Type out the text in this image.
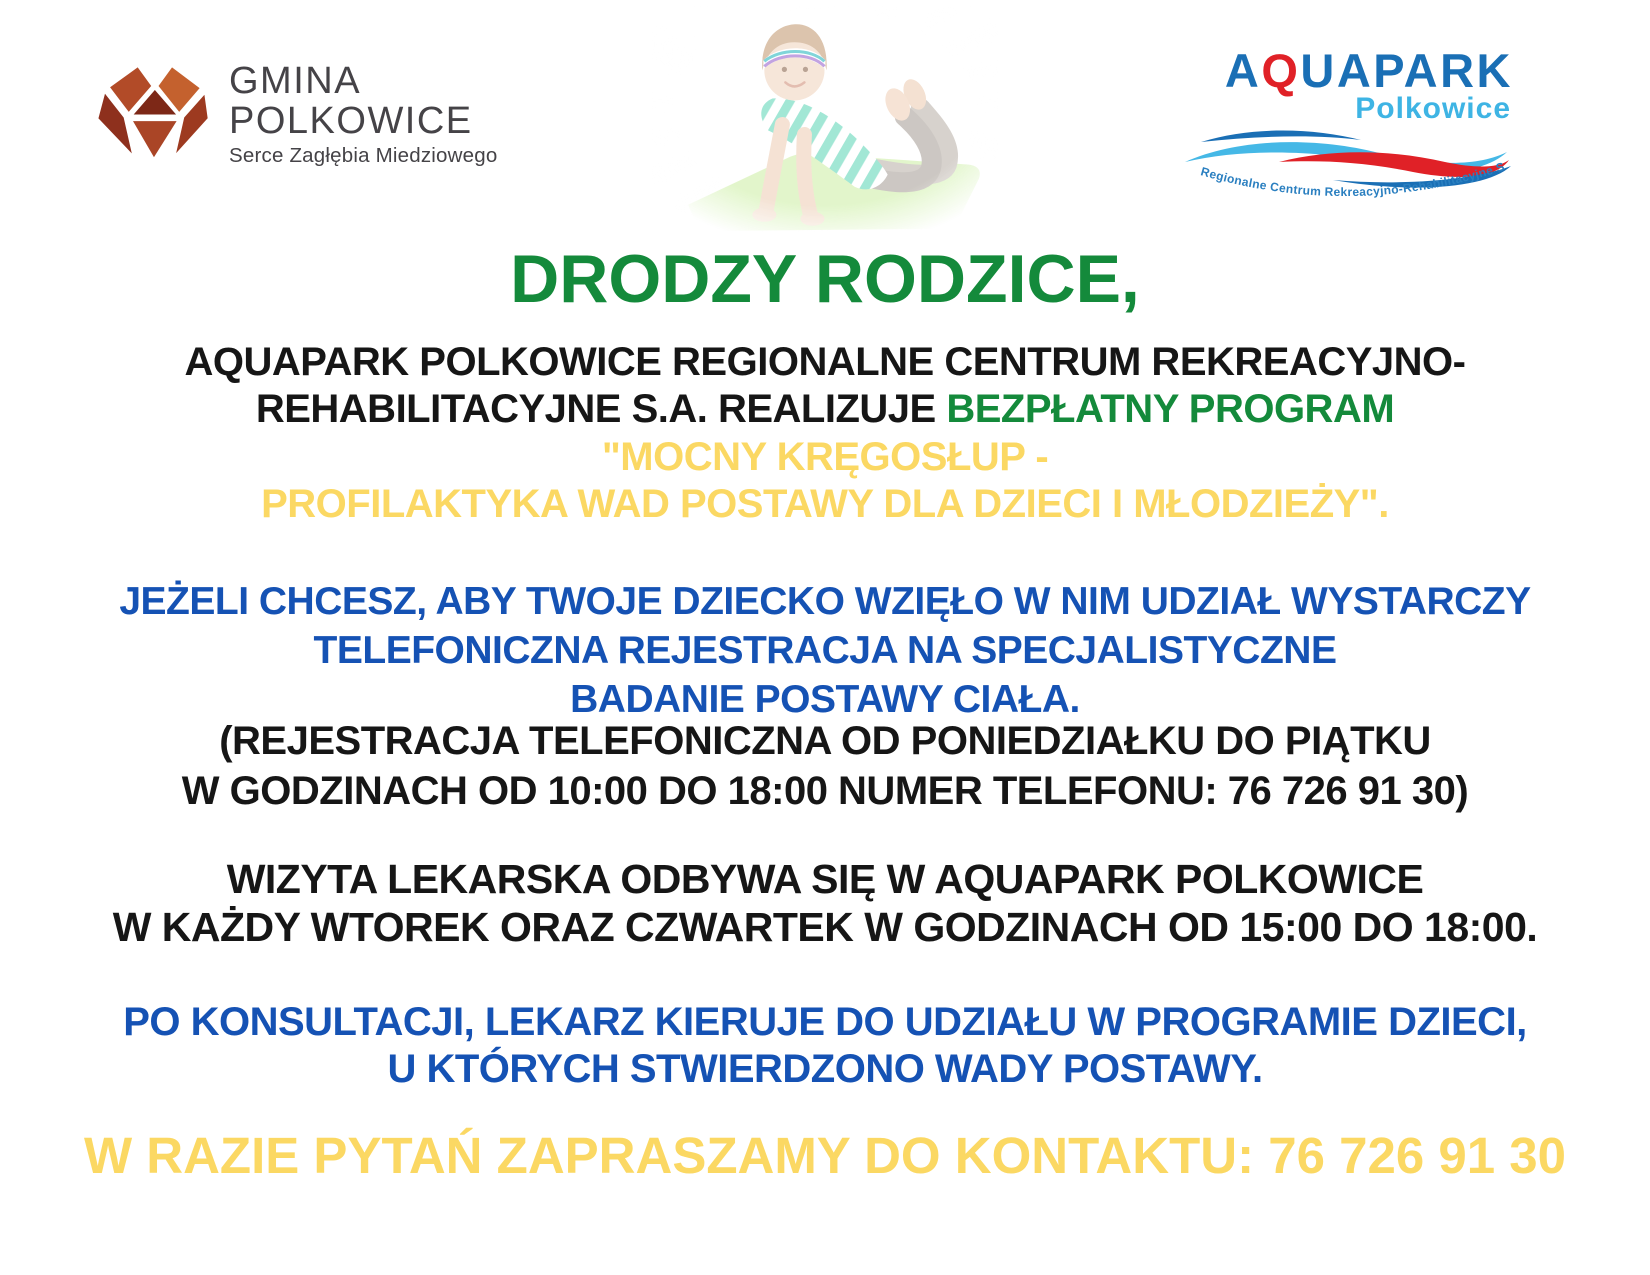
GMINA
POLKOWICE
Serce Zagłębia Miedziowego
AQUAPARK
Polkowice
Regionalne Centrum Rekreacyjno-Rehabilitacyjne S.A.
DRODZY RODZICE,
AQUAPARK POLKOWICE REGIONALNE CENTRUM REKREACYJNO-
REHABILITACYJNE S.A. REALIZUJE BEZPŁATNY PROGRAM
"MOCNY KRĘGOSŁUP -
PROFILAKTYKA WAD POSTAWY DLA DZIECI I MŁODZIEŻY".
JEŻELI CHCESZ, ABY TWOJE DZIECKO WZIĘŁO W NIM UDZIAŁ WYSTARCZY
TELEFONICZNA REJESTRACJA NA SPECJALISTYCZNE
BADANIE POSTAWY CIAŁA.
(REJESTRACJA TELEFONICZNA OD PONIEDZIAŁKU DO PIĄTKU
W GODZINACH OD 10:00 DO 18:00 NUMER TELEFONU: 76 726 91 30)
WIZYTA LEKARSKA ODBYWA SIĘ W AQUAPARK POLKOWICE
W KAŻDY WTOREK ORAZ CZWARTEK W GODZINACH OD 15:00 DO 18:00.
PO KONSULTACJI, LEKARZ KIERUJE DO UDZIAŁU W PROGRAMIE DZIECI,
U KTÓRYCH STWIERDZONO WADY POSTAWY.
W RAZIE PYTAŃ ZAPRASZAMY DO KONTAKTU: 76 726 91 30
